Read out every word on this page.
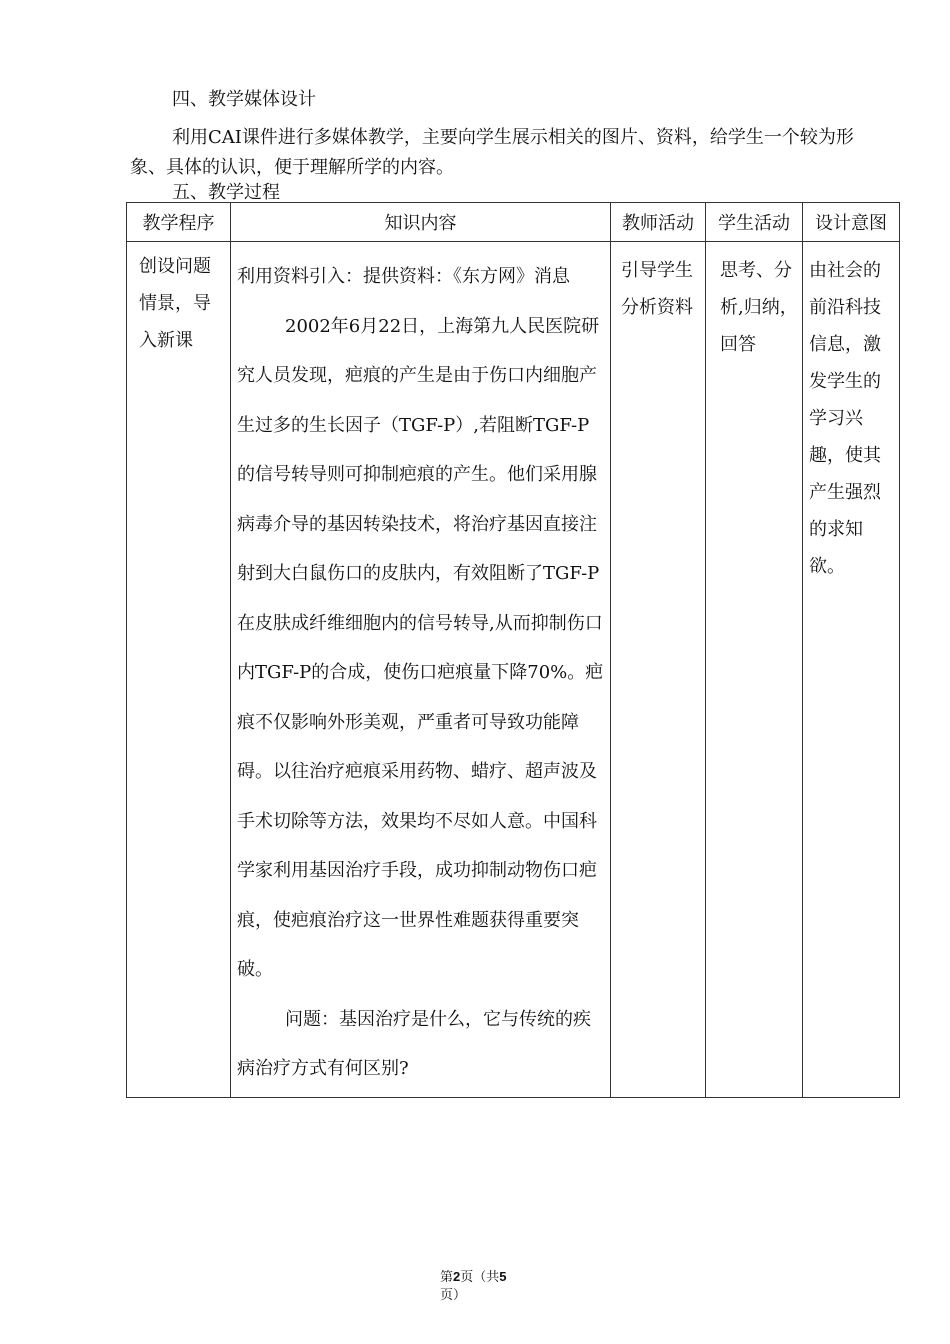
四、教学媒体设计
利用CAI课件进行多媒体教学，主要向学生展示相关的图片、资料，给学生一个较为形象、具体的认识，便于理解所学的内容。
五、教学过程
教学程序	知识内容	教师活动	学生活动	设计意图
创设问题情景，导入新课	利用资料引入：提供资料：《东方网》消息

2002年6月22日，上海第九人民医院研究人员发现，疤痕的产生是由于伤口内细胞产生过多的生长因子（TGF-P）,若阻断TGF-P的信号转导则可抑制疤痕的产生。他们采用腺病毒介导的基因转染技术，将治疗基因直接注射到大白鼠伤口的皮肤内，有效阻断了TGF-P在皮肤成纤维细胞内的信号转导,从而抑制伤口内TGF-P的合成，使伤口疤痕量下降70%。疤痕不仅影响外形美观，严重者可导致功能障碍。以往治疗疤痕采用药物、蜡疗、超声波及手术切除等方法，效果均不尽如人意。中国科学家利用基因治疗手段，成功抑制动物伤口疤痕，使疤痕治疗这一世界性难题获得重要突破。

问题：基因治疗是什么，它与传统的疾病治疗方式有何区别?	引导学生分析资料	思考、分析,归纳，回答	由社会的前沿科技信息，激发学生的学习兴趣，使其产生强烈的求知欲。
第2页（共5
页）
